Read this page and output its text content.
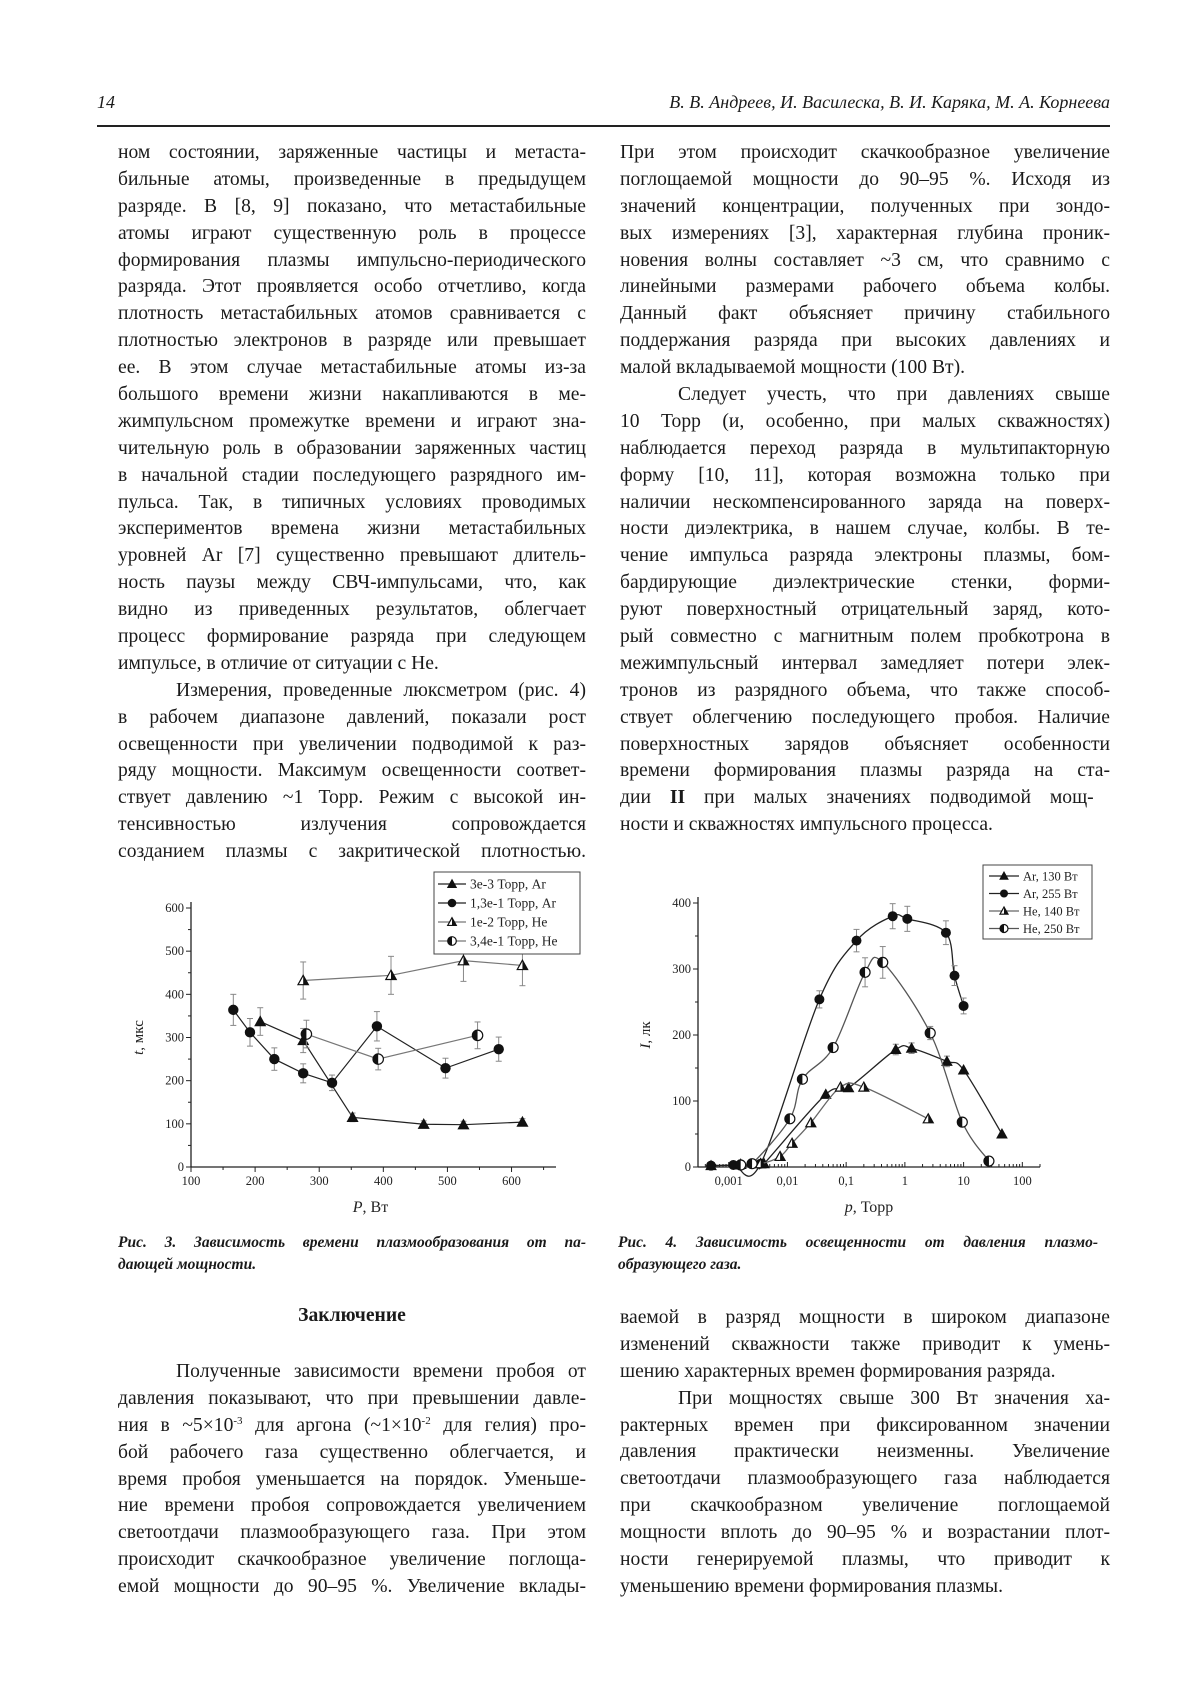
14	В. В. Андреев, И. Василеска, В. И. Каряка, М. А. Корнеева
ном состоянии, заряженные частицы и метаста-
бильные атомы, произведенные в предыдущем
разряде. В [8, 9] показано, что метастабильные
атомы играют существенную роль в процессе
формирования плазмы импульсно-периодического
разряда. Этот проявляется особо отчетливо, когда
плотность метастабильных атомов сравнивается с
плотностью электронов в разряде или превышает
ее. В этом случае метастабильные атомы из-за
большого времени жизни накапливаются в ме-
жимпульсном промежутке времени и играют зна-
чительную роль в образовании заряженных частиц
в начальной стадии последующего разрядного им-
пульса. Так, в типичных условиях проводимых
экспериментов времена жизни метастабильных
уровней Ar [7] существенно превышают длитель-
ность паузы между СВЧ-импульсами, что, как
видно из приведенных результатов, облегчает
процесс формирование разряда при следующем
импульсе, в отличие от ситуации с He.
Измерения, проведенные люксметром (рис. 4)
в рабочем диапазоне давлений, показали рост
освещенности при увеличении подводимой к раз-
ряду мощности. Максимум освещенности соответ-
ствует давлению ~1 Торр. Режим с высокой ин-
тенсивностью излучения сопровождается
созданием плазмы с закритической плотностью.
При этом происходит скачкообразное увеличение
поглощаемой мощности до 90–95 %. Исходя из
значений концентрации, полученных при зондо-
вых измерениях [3], характерная глубина проник-
новения волны составляет ~3 см, что сравнимо с
линейными размерами рабочего объема колбы.
Данный факт объясняет причину стабильного
поддержания разряда при высоких давлениях и
малой вкладываемой мощности (100 Вт).
Следует учесть, что при давлениях свыше
10 Торр (и, особенно, при малых скважностях)
наблюдается переход разряда в мультипакторную
форму [10, 11], которая возможна только при
наличии нескомпенсированного заряда на поверх-
ности диэлектрика, в нашем случае, колбы. В те-
чение импульса разряда электроны плазмы, бом-
бардирующие диэлектрические стенки, форми-
руют поверхностный отрицательный заряд, кото-
рый совместно с магнитным полем пробкотрона в
межимпульсный интервал замедляет потери элек-
тронов из разрядного объема, что также способ-
ствует облегчению последующего пробоя. Наличие
поверхностных зарядов объясняет особенности
времени формирования плазмы разряда на ста-
дии II при малых значениях подводимой мощ-
ности и скважностях импульсного процесса.
100	200	300	400	500	600
0
100
200
300
400
500
600
P, Вт
t, мкс
3e-3 Торр, Ar
1,3e-1 Торр, Ar
1e-2 Торр, He
3,4e-1 Торр, He
0,001	0,01	0,1	1	10	100
0
100
200
300
400
p, Торр
I, лк
Ar, 130 Вт
Ar, 255 Вт
He, 140 Вт
He, 250 Вт
Рис. 3. Зависимость времени плазмообразования от па-
дающей мощности.
Рис. 4. Зависимость освещенности от давления плазмо-
образующего газа.
Заключение
Полученные зависимости времени пробоя от
давления показывают, что при превышении давле-
ния в $\sim 5\times 10^{-3}$ для аргона ($\sim 1\times 10^{-2}$ для гелия) про-
бой рабочего газа существенно облегчается, и
время пробоя уменьшается на порядок. Уменьше-
ние времени пробоя сопровождается увеличением
светоотдачи плазмообразующего газа. При этом
происходит скачкообразное увеличение поглоща-
емой мощности до 90–95 %. Увеличение вклады-
ваемой в разряд мощности в широком диапазоне
изменений скважности также приводит к умень-
шению характерных времен формирования разряда.
При мощностях свыше 300 Вт значения ха-
рактерных времен при фиксированном значении
давления практически неизменны. Увеличение
светоотдачи плазмообразующего газа наблюдается
при скачкообразном увеличение поглощаемой
мощности вплоть до 90–95 % и возрастании плот-
ности генерируемой плазмы, что приводит к
уменьшению времени формирования плазмы.
